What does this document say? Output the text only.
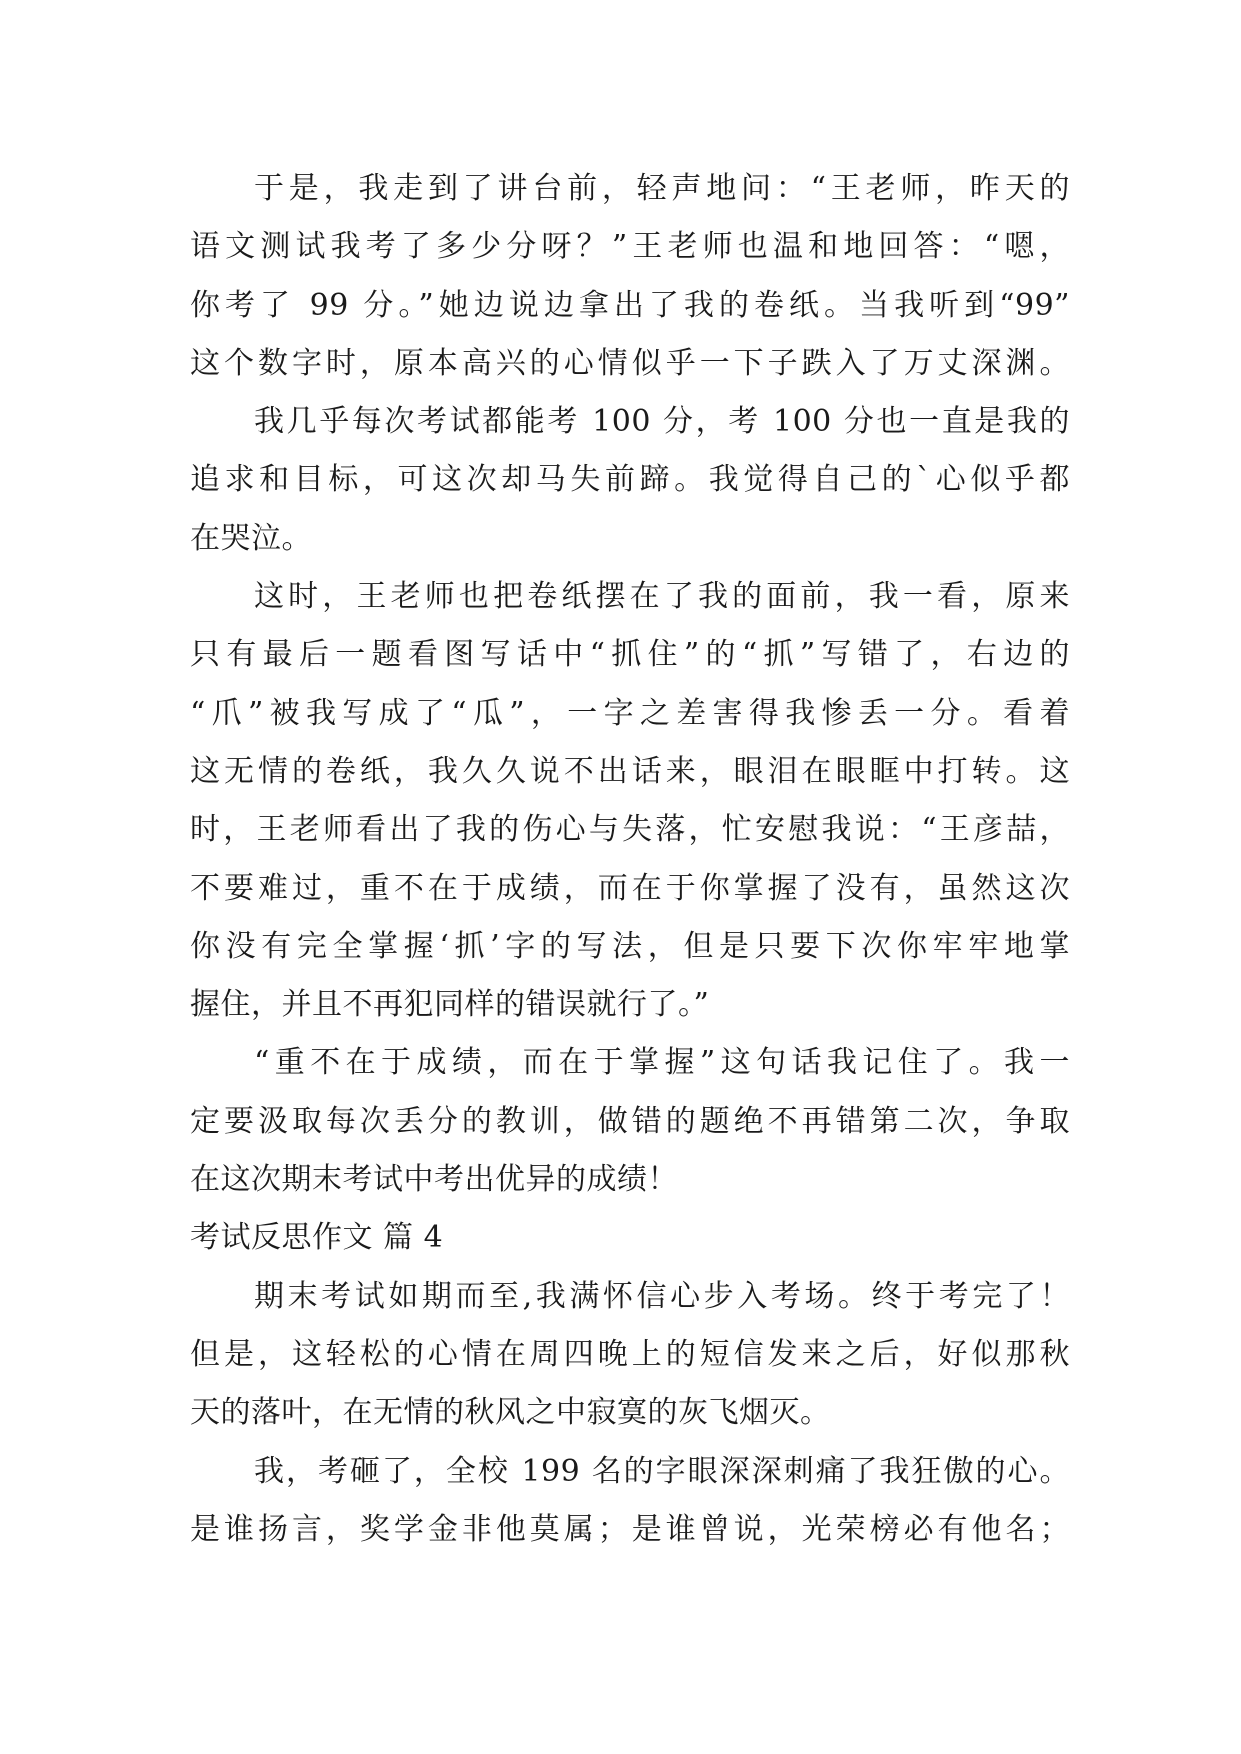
于是，我走到了讲台前，轻声地问：“王老师，昨天的
语文测试我考了多少分呀？”王老师也温和地回答：“嗯，
你考了 99 分。”她边说边拿出了我的卷纸。当我听到“99”
这个数字时，原本高兴的心情似乎一下子跌入了万丈深渊。
我几乎每次考试都能考 100 分，考 100 分也一直是我的
追求和目标，可这次却马失前蹄。我觉得自己的`心似乎都
在哭泣。
这时，王老师也把卷纸摆在了我的面前，我一看，原来
只有最后一题看图写话中“抓住”的“抓”写错了，右边的
“爪”被我写成了“瓜”，一字之差害得我惨丢一分。看着
这无情的卷纸，我久久说不出话来，眼泪在眼眶中打转。这
时，王老师看出了我的伤心与失落，忙安慰我说：“王彦喆，
不要难过，重不在于成绩，而在于你掌握了没有，虽然这次
你没有完全掌握‘抓’字的写法，但是只要下次你牢牢地掌
握住，并且不再犯同样的错误就行了。”
“重不在于成绩，而在于掌握”这句话我记住了。我一
定要汲取每次丢分的教训，做错的题绝不再错第二次，争取
在这次期末考试中考出优异的成绩！
考试反思作文 篇 4
期末考试如期而至,我满怀信心步入考场。终于考完了！
但是，这轻松的心情在周四晚上的短信发来之后，好似那秋
天的落叶，在无情的秋风之中寂寞的灰飞烟灭。
我，考砸了，全校 199 名的字眼深深刺痛了我狂傲的心。
是谁扬言，奖学金非他莫属；是谁曾说，光荣榜必有他名；
